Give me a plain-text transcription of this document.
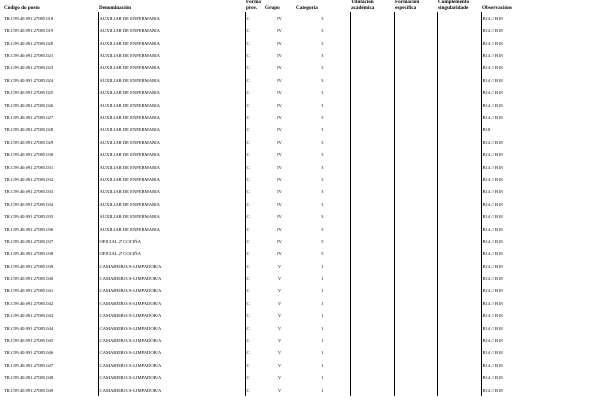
Código do posto	Denominación	Forma prov.	Grupo	Categoría	Titulación académica	Formación específica	Complemento singularidade	Observacións
TR.C99.40.091.27085.018	AUXILIAR DE ENFERMARIA	C	IV	3				B14 // B18
TR.C99.40.091.27085.019	AUXILIAR DE ENFERMARIA	C	IV	3				B14 // B18
TR.C99.40.091.27085.020	AUXILIAR DE ENFERMARIA	C	IV	3				B14 // B18
TR.C99.40.091.27085.021	AUXILIAR DE ENFERMARIA	C	IV	3				B14 // B18
TR.C99.40.091.27085.023	AUXILIAR DE ENFERMARIA	C	IV	3				B14 // B18
TR.C99.40.091.27085.024	AUXILIAR DE ENFERMARIA	C	IV	3				B14 // B18
TR.C99.40.091.27085.025	AUXILIAR DE ENFERMARIA	C	IV	3				B14 // B18
TR.C99.40.091.27085.026	AUXILIAR DE ENFERMARIA	C	IV	3				B14 // B18
TR.C99.40.091.27085.027	AUXILIAR DE ENFERMARIA	C	IV	3				B14 // B18
TR.C99.40.091.27085.028	AUXILIAR DE ENFERMARIA	C	IV	3				B18
TR.C99.40.091.27085.029	AUXILIAR DE ENFERMARIA	C	IV	3				B14 // B18
TR.C99.40.091.27085.030	AUXILIAR DE ENFERMARIA	C	IV	3				B14 // B18
TR.C99.40.091.27085.031	AUXILIAR DE ENFERMARIA	C	IV	3				B14 // B18
TR.C99.40.091.27085.032	AUXILIAR DE ENFERMARIA	C	IV	3				B14 // B18
TR.C99.40.091.27085.033	AUXILIAR DE ENFERMARIA	C	IV	3				B14 // B18
TR.C99.40.091.27085.034	AUXILIAR DE ENFERMARIA	C	IV	3				B14 // B18
TR.C99.40.091.27085.035	AUXILIAR DE ENFERMARIA	C	IV	3				B14 // B18
TR.C99.40.091.27085.036	AUXILIAR DE ENFERMARIA	C	IV	3				B14 // B18
TR.C99.40.091.27085.037	OFICIAL 2ª COCIÑA	C	IV	5				B14 // B18
TR.C99.40.091.27085.038	OFICIAL 2ª COCIÑA	C	IV	5				B14 // B18
TR.C99.40.091.27085.039	CAMAREIRO/A-LIMPADOR/A	C	V	1				B14 // B18
TR.C99.40.091.27085.040	CAMAREIRO/A-LIMPADOR/A	C	V	1				B14 // B18
TR.C99.40.091.27085.041	CAMAREIRO/A-LIMPADOR/A	C	V	1				B14 // B18
TR.C99.40.091.27085.042	CAMAREIRO/A-LIMPADOR/A	C	V	1				B14 // B18
TR.C99.40.091.27085.043	CAMAREIRO/A-LIMPADOR/A	C	V	1				B14 // B18
TR.C99.40.091.27085.044	CAMAREIRO/A-LIMPADOR/A	C	V	1				B14 // B18
TR.C99.40.091.27085.045	CAMAREIRO/A-LIMPADOR/A	C	V	1				B14 // B18
TR.C99.40.091.27085.046	CAMAREIRO/A-LIMPADOR/A	C	V	1				B14 // B18
TR.C99.40.091.27085.047	CAMAREIRO/A-LIMPADOR/A	C	V	1				B14 // B18
TR.C99.40.091.27085.048	CAMAREIRO/A-LIMPADOR/A	C	V	1				B14 // B18
TR.C99.40.091.27085.049	CAMAREIRO/A-LIMPADOR/A	C	V	1				B14 // B18
